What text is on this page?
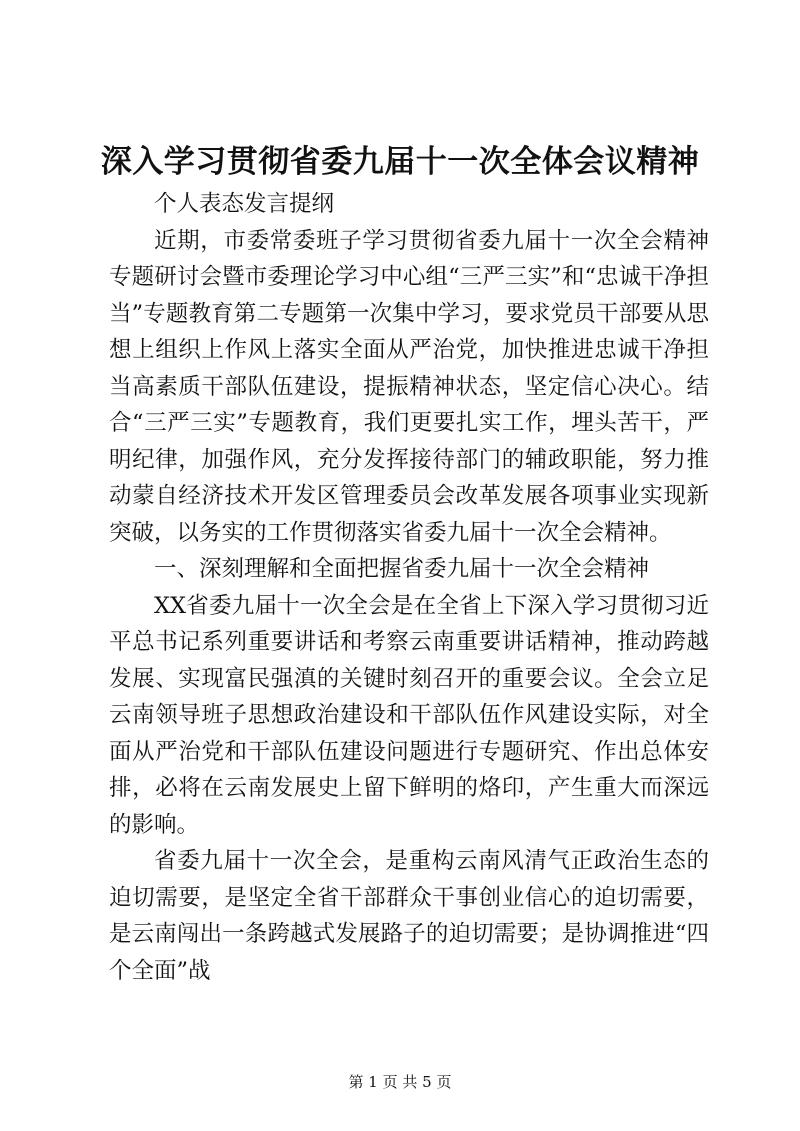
深入学习贯彻省委九届十一次全体会议精神

个人表态发言提纲

近期，市委常委班子学习贯彻省委九届十一次全会精神专题研讨会暨市委理论学习中心组“三严三实”和“忠诚干净担当”专题教育第二专题第一次集中学习，要求党员干部要从思想上组织上作风上落实全面从严治党，加快推进忠诚干净担当高素质干部队伍建设，提振精神状态，坚定信心决心。结合“三严三实”专题教育，我们更要扎实工作，埋头苦干，严明纪律，加强作风，充分发挥接待部门的辅政职能，努力推动蒙自经济技术开发区管理委员会改革发展各项事业实现新突破，以务实的工作贯彻落实省委九届十一次全会精神。

一、深刻理解和全面把握省委九届十一次全会精神

XX省委九届十一次全会是在全省上下深入学习贯彻习近平总书记系列重要讲话和考察云南重要讲话精神，推动跨越发展、实现富民强滇的关键时刻召开的重要会议。全会立足云南领导班子思想政治建设和干部队伍作风建设实际，对全面从严治党和干部队伍建设问题进行专题研究、作出总体安排，必将在云南发展史上留下鲜明的烙印，产生重大而深远的影响。

省委九届十一次全会，是重构云南风清气正政治生态的迫切需要，是坚定全省干部群众干事创业信心的迫切需要，是云南闯出一条跨越式发展路子的迫切需要；是协调推进“四个全面”战

第 1 页 共 5 页
